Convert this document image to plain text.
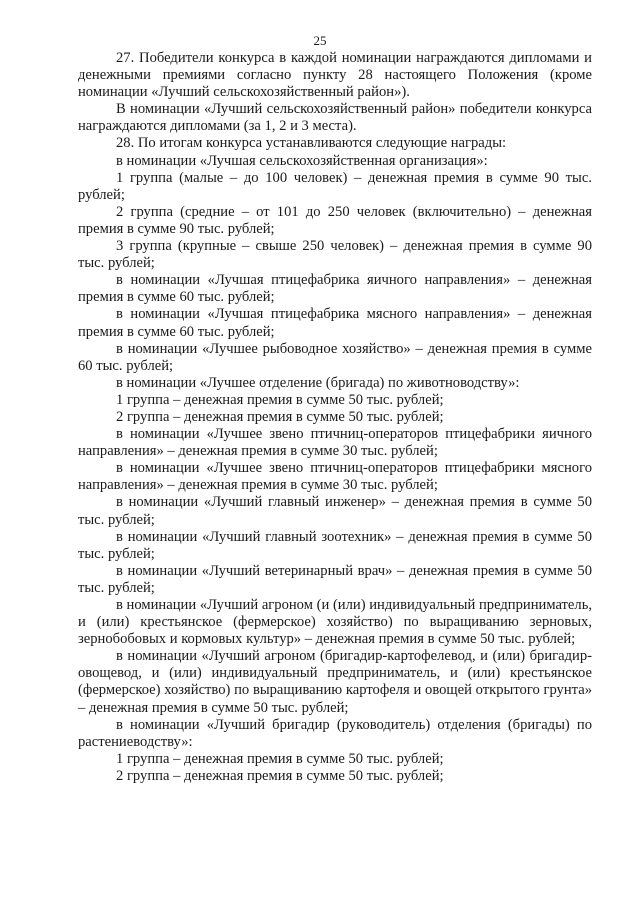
25

27. Победители конкурса в каждой номинации награждаются дипломами и денежными премиями согласно пункту 28 настоящего Положения (кроме номинации «Лучший сельскохозяйственный район»).

В номинации «Лучший сельскохозяйственный район» победители конкурса награждаются дипломами (за 1, 2 и 3 места).

28. По итогам конкурса устанавливаются следующие награды:

в номинации «Лучшая сельскохозяйственная организация»:

1 группа (малые – до 100 человек) – денежная премия в сумме 90 тыс. рублей;

2 группа (средние – от 101 до 250 человек (включительно) – денежная премия в сумме 90 тыс. рублей;

3 группа (крупные – свыше 250 человек) – денежная премия в сумме 90 тыс. рублей;

в номинации «Лучшая птицефабрика яичного направления» – денежная премия в сумме 60 тыс. рублей;

в номинации «Лучшая птицефабрика мясного направления» – денежная премия в сумме 60 тыс. рублей;

в номинации «Лучшее рыбоводное хозяйство» – денежная премия в сумме 60 тыс. рублей;

в номинации «Лучшее отделение (бригада) по животноводству»:

1 группа – денежная премия в сумме 50 тыс. рублей;

2 группа – денежная премия в сумме 50 тыс. рублей;

в номинации «Лучшее звено птичниц-операторов птицефабрики яичного направления» – денежная премия в сумме 30 тыс. рублей;

в номинации «Лучшее звено птичниц-операторов птицефабрики мясного направления» – денежная премия в сумме 30 тыс. рублей;

в номинации «Лучший главный инженер» – денежная премия в сумме 50 тыс. рублей;

в номинации «Лучший главный зоотехник» – денежная премия в сумме 50 тыс. рублей;

в номинации «Лучший ветеринарный врач» – денежная премия в сумме 50 тыс. рублей;

в номинации «Лучший агроном (и (или) индивидуальный предприниматель, и (или) крестьянское (фермерское) хозяйство) по выращиванию зерновых, зернобобовых и кормовых культур» – денежная премия в сумме 50 тыс. рублей;

в номинации «Лучший агроном (бригадир-картофелевод, и (или) бригадир-овощевод, и (или) индивидуальный предприниматель, и (или) крестьянское (фермерское) хозяйство) по выращиванию картофеля и овощей открытого грунта» – денежная премия в сумме 50 тыс. рублей;

в номинации «Лучший бригадир (руководитель) отделения (бригады) по растениеводству»:

1 группа – денежная премия в сумме 50 тыс. рублей;

2 группа – денежная премия в сумме 50 тыс. рублей;
